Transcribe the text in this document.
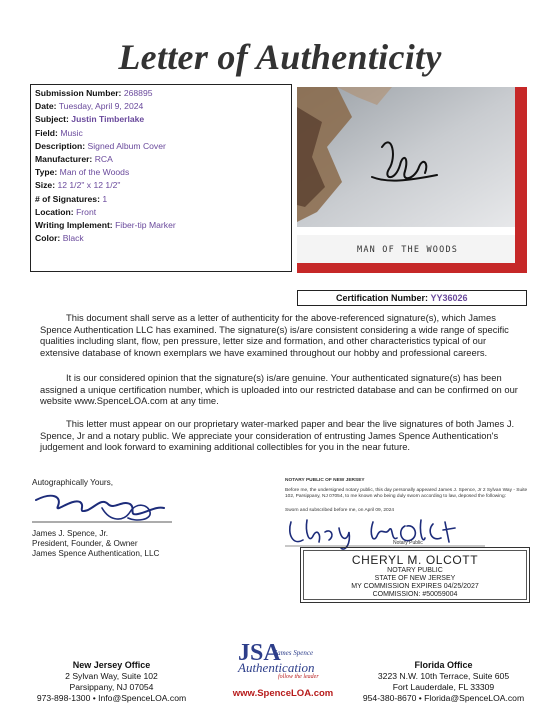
Letter of Authenticity
Submission Number: 268895
Date: Tuesday, April 9, 2024
Subject: Justin Timberlake
Field: Music
Description: Signed Album Cover
Manufacturer: RCA
Type: Man of the Woods
Size: 12 1/2" x 12 1/2"
# of Signatures: 1
Location: Front
Writing Implement: Fiber-tip Marker
Color: Black
MAN OF THE WOODS
Certification Number: YY36026

This document shall serve as a letter of authenticity for the above-referenced signature(s), which James Spence Authentication LLC has examined. The signature(s) is/are consistent considering a wide range of specific qualities including slant, flow, pen pressure, letter size and formation, and other characteristics typical of our extensive database of known exemplars we have examined throughout our hobby and professional careers.

It is our considered opinion that the signature(s) is/are genuine. Your authenticated signature(s) has been assigned a unique certification number, which is uploaded into our restricted database and can be confirmed on our website www.SpenceLOA.com at any time.

This letter must appear on our proprietary water-marked paper and bear the live signatures of both James J. Spence, Jr and a notary public. We appreciate your consideration of entrusting James Spence Authentication's judgement and look forward to examining additional collectibles for you in the near future.

Autographically Yours,
James J. Spence, Jr.
President, Founder, & Owner
James Spence Authentication, LLC
NOTARY PUBLIC OF NEW JERSEY
Before me, the undersigned notary public, this day personally appeared James J. Spence, Jr 2 Sylvan Way - Suite 102, Parsippany, NJ 07054, to me known who being duly sworn according to law, deposed the following:
Sworn and subscribed before me, on April 09, 2024
Notary Public
CHERYL M. OLCOTT
NOTARY PUBLIC
STATE OF NEW JERSEY
MY COMMISSION EXPIRES 04/25/2027
COMMISSION: #50059004
New Jersey Office
2 Sylvan Way, Suite 102
Parsippany, NJ 07054
973-898-1300 • Info@SpenceLOA.com
JSA
James Spence
Authentication
follow the leader
www.SpenceLOA.com
Florida Office
3223 N.W. 10th Terrace, Suite 605
Fort Lauderdale, FL 33309
954-380-8670 • Florida@SpenceLOA.com
